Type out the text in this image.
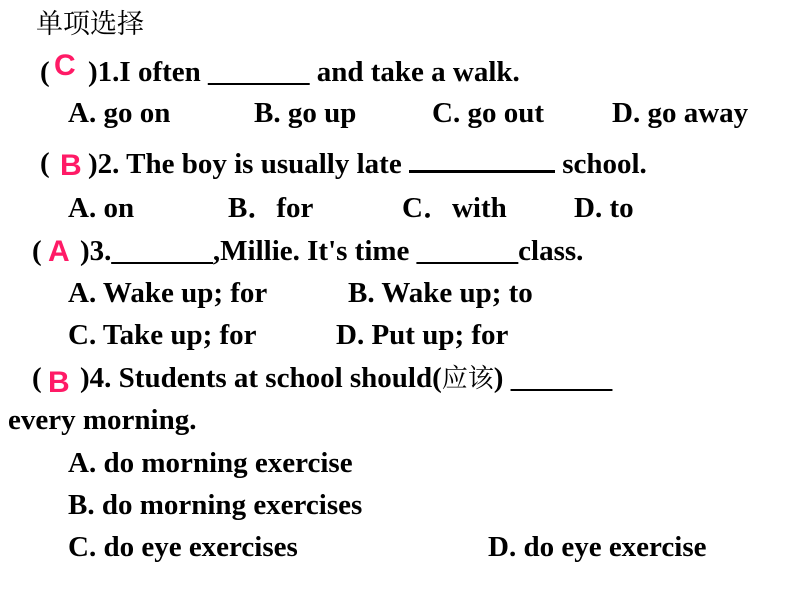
单项选择
( C )1.I often _______ and take a walk.
A. go on	B. go up	C. go out D. go away
( B )2. The boy is usually late	school.
A. on	B．for	C．with D. to
( A )3._______,Millie. It's time _______class.
A. Wake up; for	B. Wake up; to
C. Take up; for	D. Put up; for
( B )4. Students at school should(应该) _______
every morning.
A. do morning exercise
B. do morning exercises
C. do eye exercises	D. do eye exercise
